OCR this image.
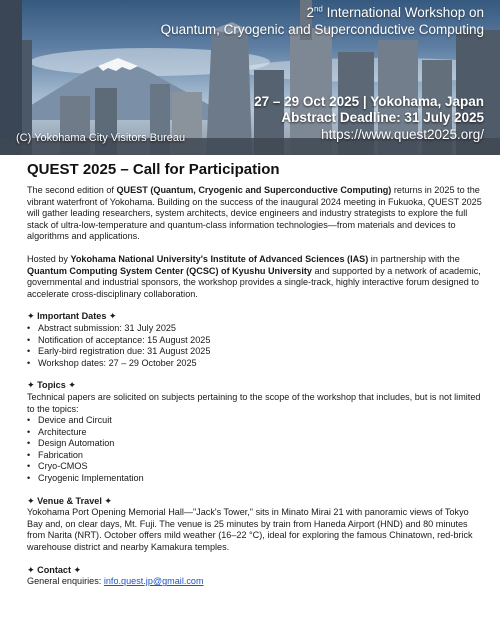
2nd International Workshop on
Quantum, Cryogenic and Superconductive Computing
27 – 29 Oct 2025 | Yokohama, Japan
Abstract Deadline: 31 July 2025
https://www.quest2025.org/
(C) Yokohama City Visitors Bureau
QUEST 2025 – Call for Participation

The second edition of QUEST (Quantum, Cryogenic and Superconductive Computing) returns in 2025 to the vibrant waterfront of Yokohama. Building on the success of the inaugural 2024 meeting in Fukuoka, QUEST 2025 will gather leading researchers, system architects, device engineers and industry strategists to explore the full stack of ultra-low-temperature and quantum-class information technologies—from materials and devices to algorithms and applications.

Hosted by Yokohama National University's Institute of Advanced Sciences (IAS) in partnership with the Quantum Computing System Center (QCSC) of Kyushu University and supported by a network of academic, governmental and industrial sponsors, the workshop provides a single-track, highly interactive forum designed to accelerate cross-disciplinary collaboration.

✦ Important Dates ✦
• Abstract submission: 31 July 2025
• Notification of acceptance: 15 August 2025
• Early-bird registration due: 31 August 2025
• Workshop dates: 27 – 29 October 2025
✦ Topics ✦
Technical papers are solicited on subjects pertaining to the scope of the workshop that includes, but is not limited to the topics:
• Device and Circuit
• Architecture
• Design Automation
• Fabrication
• Cryo-CMOS
• Cryogenic Implementation
✦ Venue & Travel ✦

Yokohama Port Opening Memorial Hall—"Jack's Tower," sits in Minato Mirai 21 with panoramic views of Tokyo Bay and, on clear days, Mt. Fuji. The venue is 25 minutes by train from Haneda Airport (HND) and 80 minutes from Narita (NRT). October offers mild weather (16–22 °C), ideal for exploring the famous Chinatown, red-brick warehouse district and nearby Kamakura temples.

✦ Contact ✦
General enquiries: info.quest.jp@gmail.com
